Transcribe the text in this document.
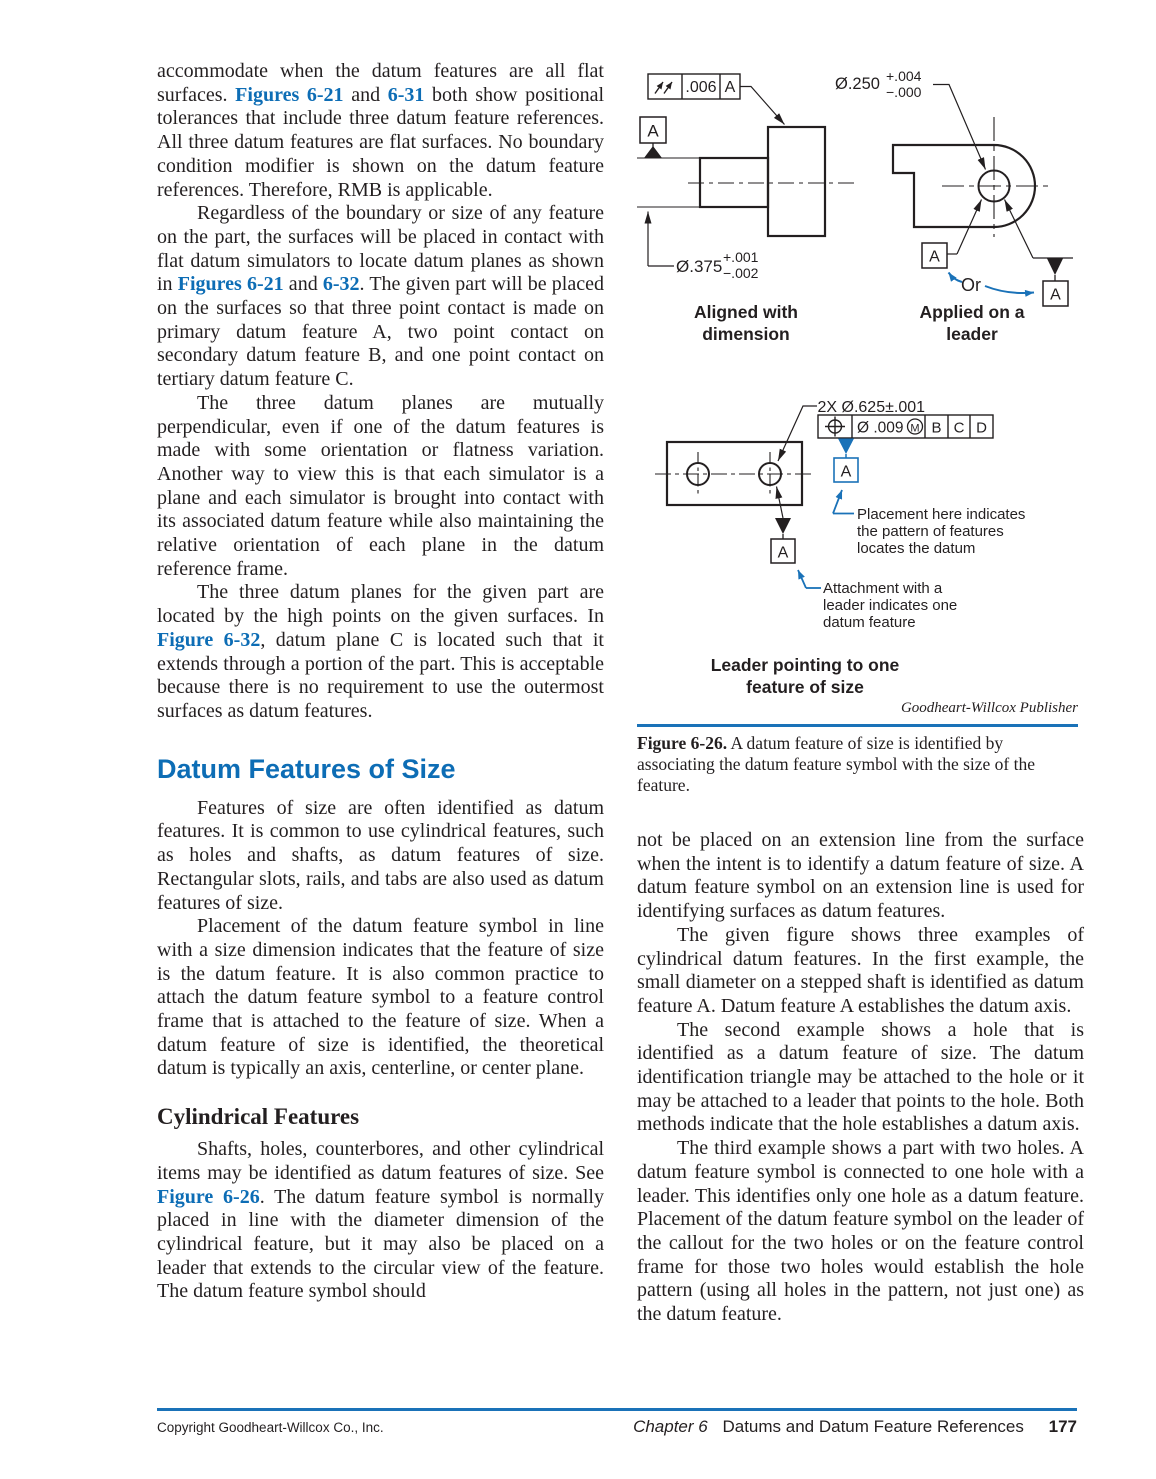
accommodate when the datum features are all flat surfaces. Figures 6-21 and 6-31 both show positional tolerances that include three datum feature references. All three datum features are flat surfaces. No boundary condition modifier is shown on the datum feature references. Therefore, RMB is applicable.

Regardless of the boundary or size of any feature on the part, the surfaces will be placed in contact with flat datum simulators to locate datum planes as shown in Figures 6-21 and 6-32. The given part will be placed on the surfaces so that three point contact is made on primary datum feature A, two point contact on secondary datum feature B, and one point contact on tertiary datum feature C.

The three datum planes are mutually perpendicular, even if one of the datum features is made with some orientation or flatness variation. Another way to view this is that each simulator is a plane and each simulator is brought into contact with its associated datum feature while also maintaining the relative orientation of each plane in the datum reference frame.

The three datum planes for the given part are located by the high points on the given surfaces. In Figure 6-32, datum plane C is located such that it extends through a portion of the part. This is acceptable because there is no requirement to use the outermost surfaces as datum features.

Datum Features of Size

Features of size are often identified as datum features. It is common to use cylindrical features, such as holes and shafts, as datum features of size. Rectangular slots, rails, and tabs are also used as datum features of size.

Placement of the datum feature symbol in line with a size dimension indicates that the feature of size is the datum feature. It is also common practice to attach the datum feature symbol to a feature control frame that is attached to the feature of size. When a datum feature of size is identified, the theoretical datum is typically an axis, centerline, or center plane.

Cylindrical Features

Shafts, holes, counterbores, and other cylindrical items may be identified as datum features of size. See Figure 6-26. The datum feature symbol is normally placed in line with the diameter dimension of the cylindrical feature, but it may also be placed on a leader that extends to the circular view of the feature. The datum feature symbol should

.006 A
A
Ø.375 +.001
−.002
Aligned with
dimension
Ø.250 +.004
−.000
A
A
Or
Applied on a
leader
2X Ø.625±.001
Ø .009 M B C D
A
A
Placement here indicates
the pattern of features
locates the datum
Attachment with a
leader indicates one
datum feature
Leader pointing to one
feature of size
Goodheart-Willcox Publisher
Figure 6-26. A datum feature of size is identified by associating the datum feature symbol with the size of the feature.

not be placed on an extension line from the surface when the intent is to identify a datum feature of size. A datum feature symbol on an extension line is used for identifying surfaces as datum features.

The given figure shows three examples of cylindrical datum features. In the first example, the small diameter on a stepped shaft is identified as datum feature A. Datum feature A establishes the datum axis.

The second example shows a hole that is identified as a datum feature of size. The datum identification triangle may be attached to the hole or it may be attached to a leader that points to the hole. Both methods indicate that the hole establishes a datum axis.

The third example shows a part with two holes. A datum feature symbol is connected to one hole with a leader. This identifies only one hole as a datum feature. Placement of the datum feature symbol on the leader of the callout for the two holes or on the feature control frame for those two holes would establish the hole pattern (using all holes in the pattern, not just one) as the datum feature.

Copyright Goodheart-Willcox Co., Inc.	Chapter 6 Datums and Datum Feature References 177
